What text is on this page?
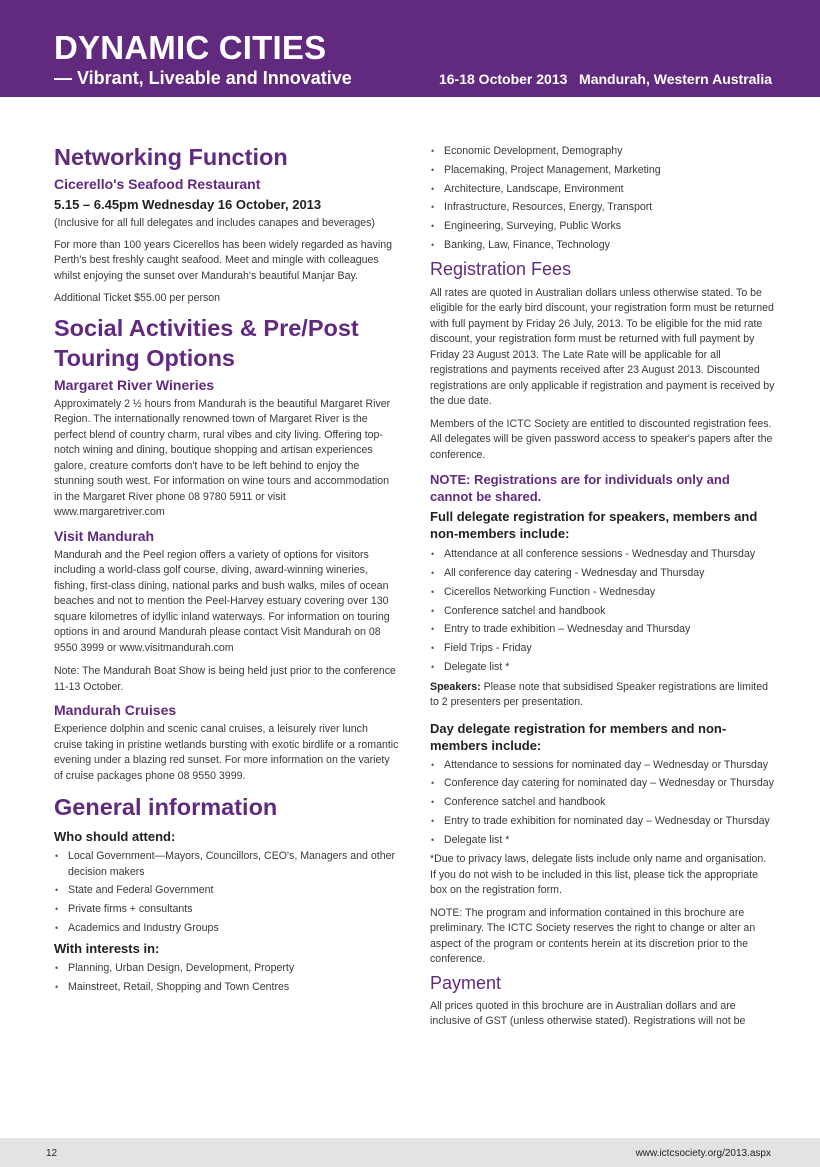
DYNAMIC CITIES
— Vibrant, Liveable and Innovative	16-18 October 2013   Mandurah, Western Australia
Networking Function
Cicerello's Seafood Restaurant
5.15 – 6.45pm Wednesday 16 October, 2013
(Inclusive for all full delegates and includes canapes and beverages)
For more than 100 years Cicerellos has been widely regarded as having Perth's best freshly caught seafood. Meet and mingle with colleagues whilst enjoying the sunset over Mandurah's beautiful Manjar Bay.
Additional Ticket $55.00 per person
Social Activities & Pre/Post
Touring Options
Margaret River Wineries
Approximately 2 ½ hours from Mandurah is the beautiful Margaret River Region. The internationally renowned town of Margaret River is the perfect blend of country charm, rural vibes and city living. Offering top-notch wining and dining, boutique shopping and artisan experiences galore, creature comforts don't have to be left behind to enjoy the stunning south west. For information on wine tours and accommodation in the Margaret River phone 08 9780 5911 or visit www.margaretriver.com
Visit Mandurah
Mandurah and the Peel region offers a variety of options for visitors including a world-class golf course, diving, award-winning wineries, fishing, first-class dining, national parks and bush walks, miles of ocean beaches and not to mention the Peel-Harvey estuary covering over 130 square kilometres of idyllic inland waterways. For information on touring options in and around Mandurah please contact Visit Mandurah on 08 9550 3999 or www.visitmandurah.com
Note: The Mandurah Boat Show is being held just prior to the conference 11-13 October.
Mandurah Cruises
Experience dolphin and scenic canal cruises, a leisurely river lunch cruise taking in pristine wetlands bursting with exotic birdlife or a romantic evening under a blazing red sunset. For more information on the variety of cruise packages phone 08 9550 3999.
General information
Who should attend:
• Local Government—Mayors, Councillors, CEO's, Managers and other decision makers
• State and Federal Government
• Private firms + consultants
• Academics and Industry Groups
With interests in:
• Planning, Urban Design, Development, Property
• Mainstreet, Retail, Shopping and Town Centres
• Economic Development, Demography
• Placemaking, Project Management, Marketing
• Architecture, Landscape, Environment
• Infrastructure, Resources, Energy, Transport
• Engineering, Surveying, Public Works
• Banking, Law, Finance, Technology
Registration Fees
All rates are quoted in Australian dollars unless otherwise stated. To be eligible for the early bird discount, your registration form must be returned with full payment by Friday 26 July, 2013. To be eligible for the mid rate discount, your registration form must be returned with full payment by Friday 23 August 2013. The Late Rate will be applicable for all registrations and payments received after 23 August 2013. Discounted registrations are only applicable if registration and payment is received by the due date.
Members of the ICTC Society are entitled to discounted registration fees. All delegates will be given password access to speaker's papers after the conference.
NOTE: Registrations are for individuals only and cannot be shared.
Full delegate registration for speakers, members and non-members include:
• Attendance at all conference sessions - Wednesday and Thursday
• All conference day catering - Wednesday and Thursday
• Cicerellos Networking Function - Wednesday
• Conference satchel and handbook
• Entry to trade exhibition – Wednesday and Thursday
• Field Trips - Friday
• Delegate list *
Speakers: Please note that subsidised Speaker registrations are limited to 2 presenters per presentation.
Day delegate registration for members and non-members include:
• Attendance to sessions for nominated day – Wednesday or Thursday
• Conference day catering for nominated day – Wednesday or Thursday
• Conference satchel and handbook
• Entry to trade exhibition for nominated day – Wednesday or Thursday
• Delegate list *
*Due to privacy laws, delegate lists include only name and organisation. If you do not wish to be included in this list, please tick the appropriate box on the registration form.
NOTE: The program and information contained in this brochure are preliminary. The ICTC Society reserves the right to change or alter an aspect of the program or contents herein at its discretion prior to the conference.
Payment
All prices quoted in this brochure are in Australian dollars and are inclusive of GST (unless otherwise stated). Registrations will not be
12	www.ictcsociety.org/2013.aspx
